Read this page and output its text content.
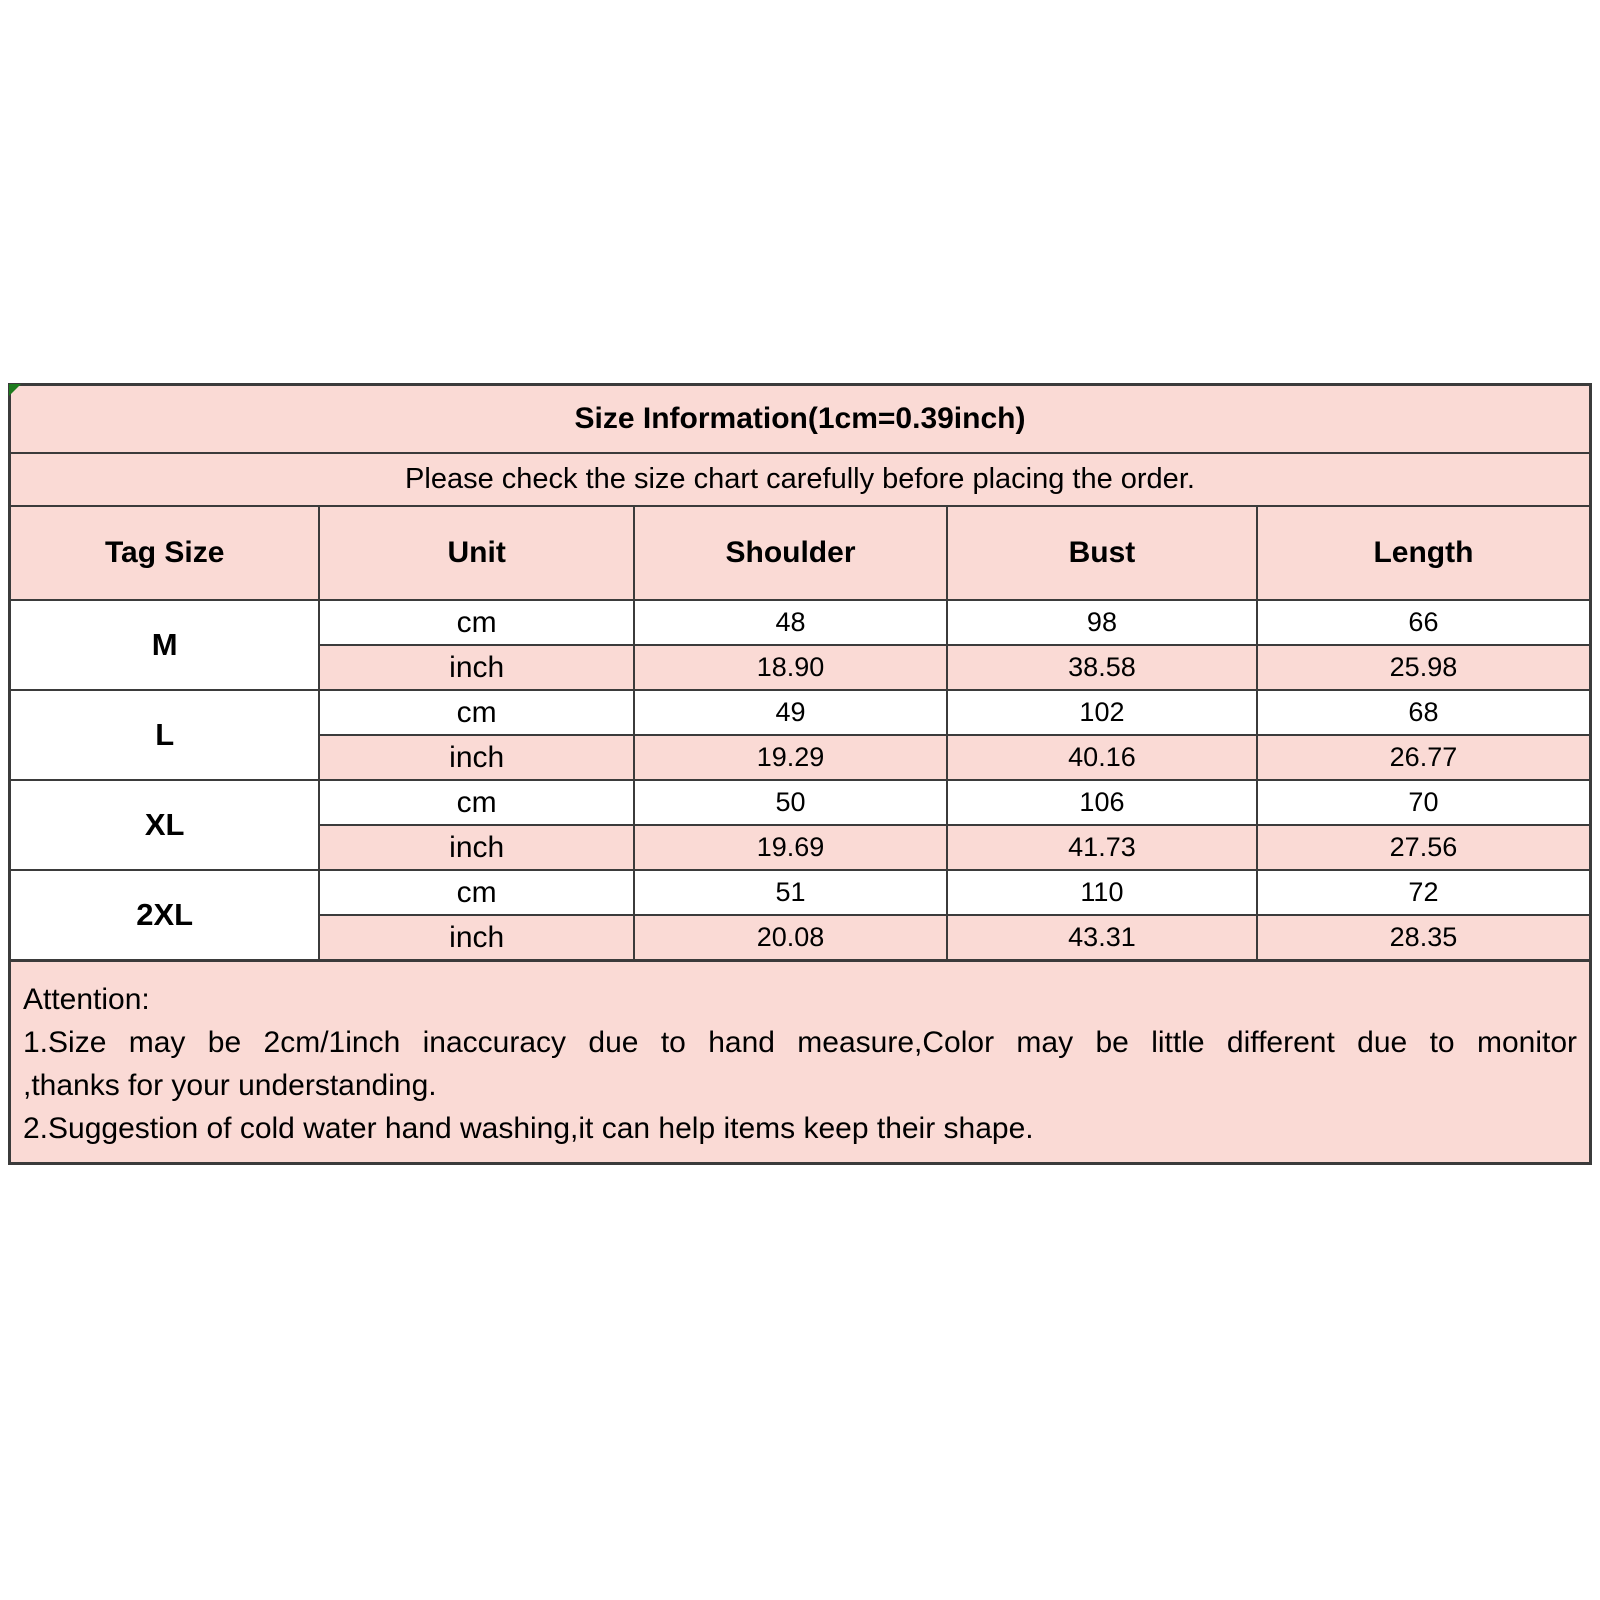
Size Information(1cm=0.39inch)				
Please check the size chart carefully before placing the order.				
Tag Size	Unit	Shoulder	Bust	Length
M	cm	48	98	66
	inch	18.90	38.58	25.98
L	cm	49	102	68
	inch	19.29	40.16	26.77
XL	cm	50	106	70
	inch	19.69	41.73	27.56
2XL	cm	51	110	72
	inch	20.08	43.31	28.35
Attention:
1.Size may be 2cm/1inch inaccuracy due to hand measure,Color may be little different due to monitor
,thanks for your understanding.
2.Suggestion of cold water hand washing,it can help items keep their shape.
